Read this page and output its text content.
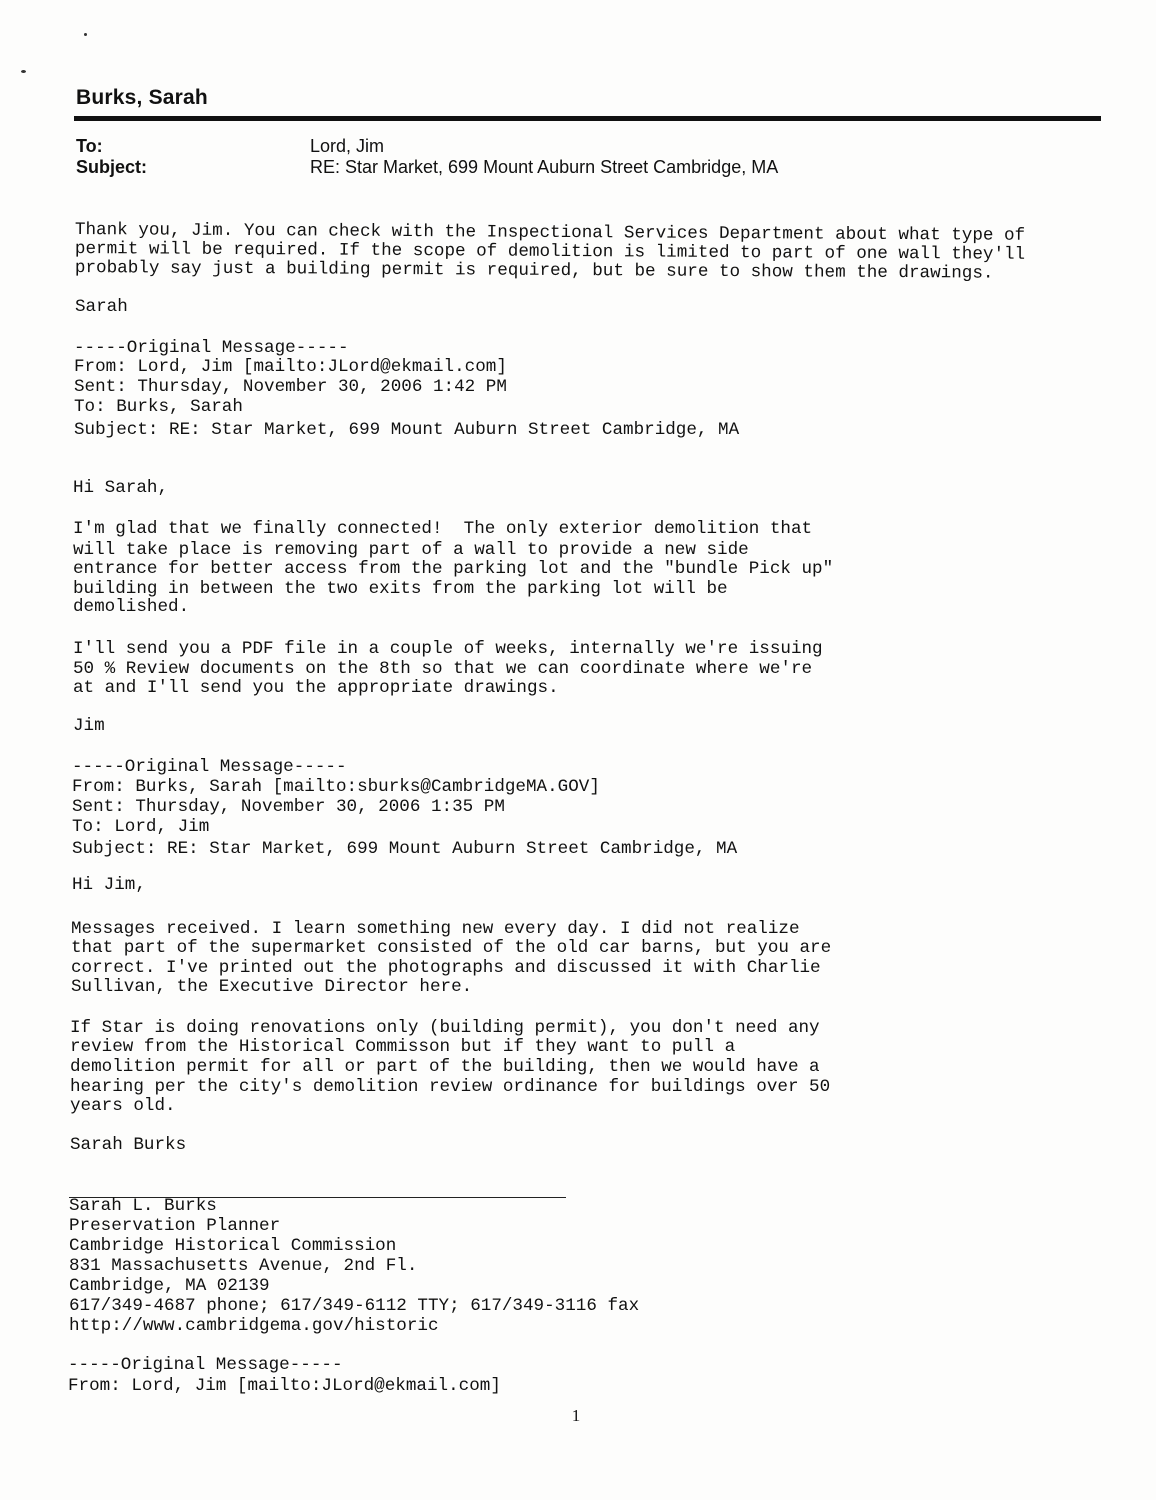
Burks, Sarah
To:	Lord, Jim
Subject:	RE: Star Market, 699 Mount Auburn Street Cambridge, MA
Thank you, Jim. You can check with the Inspectional Services Department about what type of
permit will be required. If the scope of demolition is limited to part of one wall they'll
probably say just a building permit is required, but be sure to show them the drawings.
Sarah
-----Original Message-----
From: Lord, Jim [mailto:JLord@ekmail.com]
Sent: Thursday, November 30, 2006 1:42 PM
To: Burks, Sarah
Subject: RE: Star Market, 699 Mount Auburn Street Cambridge, MA
Hi Sarah,
I'm glad that we finally connected!  The only exterior demolition that
will take place is removing part of a wall to provide a new side
entrance for better access from the parking lot and the "bundle Pick up"
building in between the two exits from the parking lot will be
demolished.
I'll send you a PDF file in a couple of weeks, internally we're issuing
50 % Review documents on the 8th so that we can coordinate where we're
at and I'll send you the appropriate drawings.
Jim
-----Original Message-----
From: Burks, Sarah [mailto:sburks@CambridgeMA.GOV]
Sent: Thursday, November 30, 2006 1:35 PM
To: Lord, Jim
Subject: RE: Star Market, 699 Mount Auburn Street Cambridge, MA
Hi Jim,
Messages received. I learn something new every day. I did not realize
that part of the supermarket consisted of the old car barns, but you are
correct. I've printed out the photographs and discussed it with Charlie
Sullivan, the Executive Director here.
If Star is doing renovations only (building permit), you don't need any
review from the Historical Commisson but if they want to pull a
demolition permit for all or part of the building, then we would have a
hearing per the city's demolition review ordinance for buildings over 50
years old.
Sarah Burks
Sarah L. Burks
Preservation Planner
Cambridge Historical Commission
831 Massachusetts Avenue, 2nd Fl.
Cambridge, MA 02139
617/349-4687 phone; 617/349-6112 TTY; 617/349-3116 fax
http://www.cambridgema.gov/historic
-----Original Message-----
From: Lord, Jim [mailto:JLord@ekmail.com]
1
